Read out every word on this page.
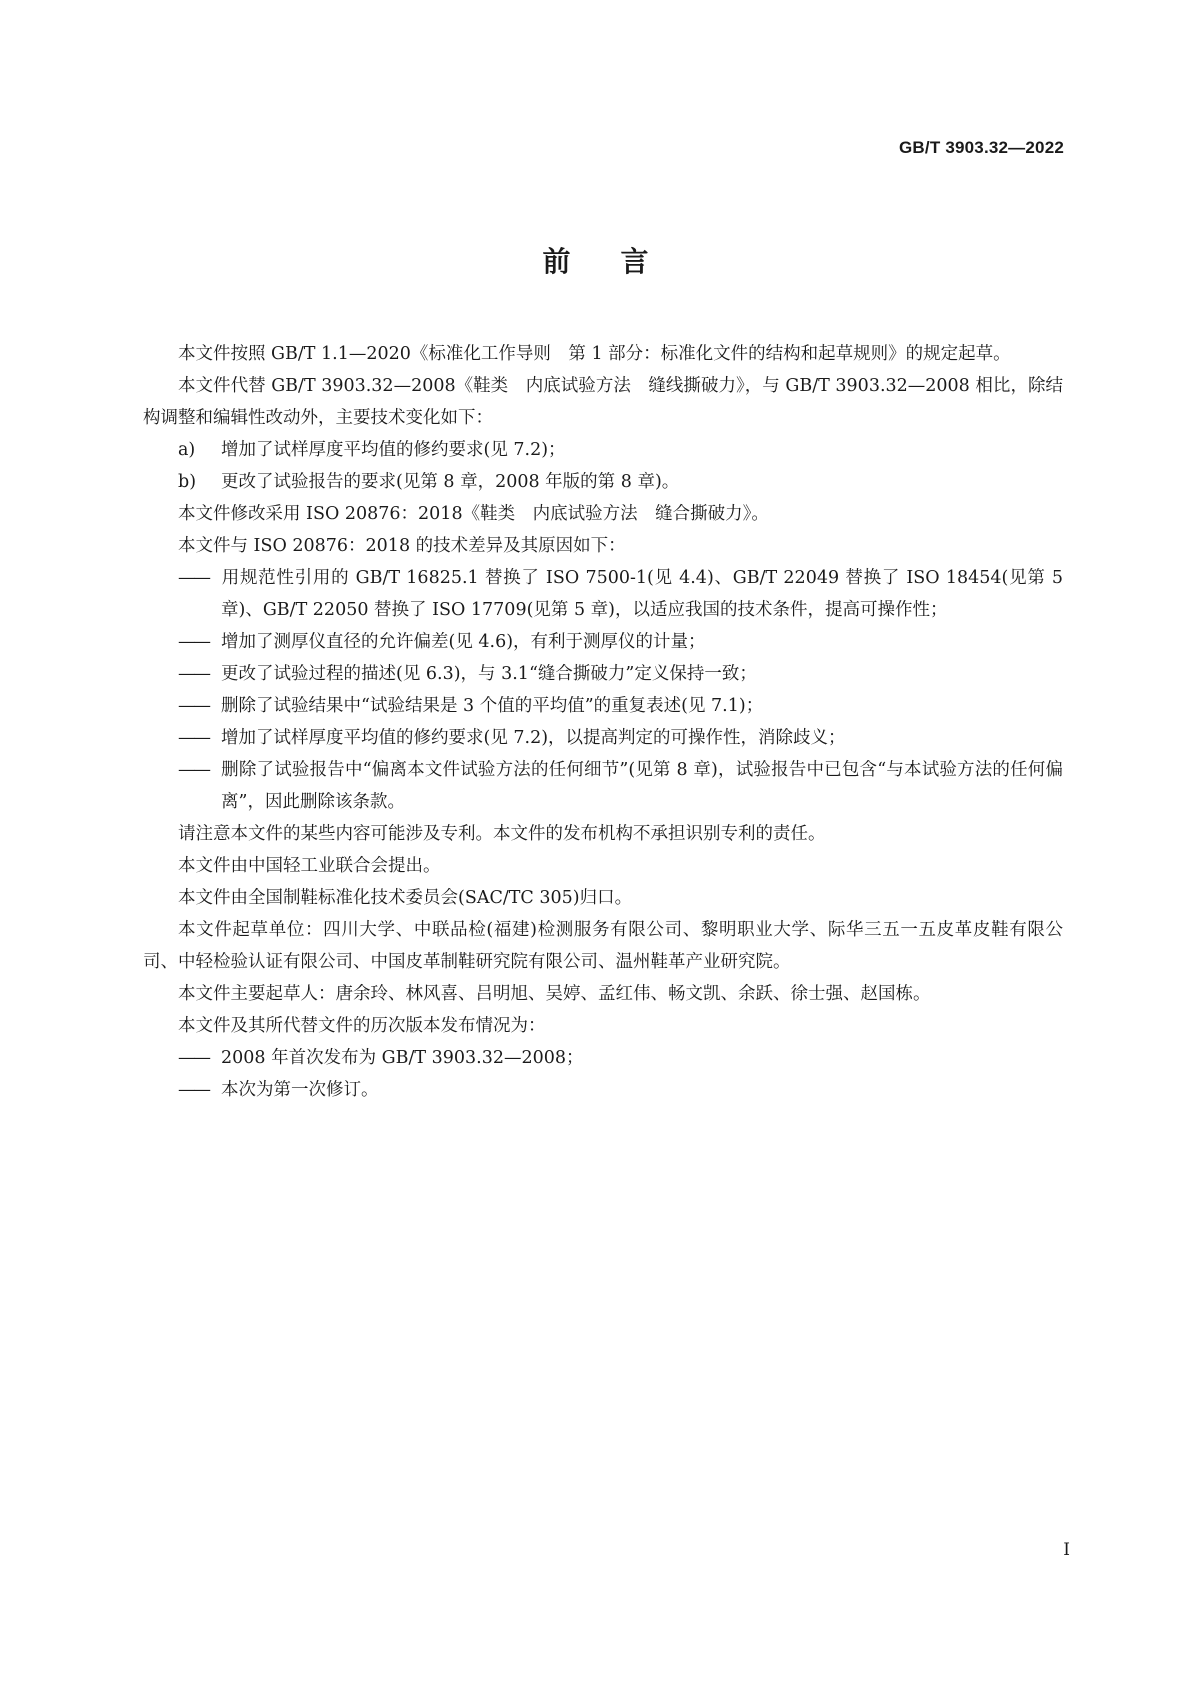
GB/T 3903.32—2022
前言

本文件按照 GB/T 1.1—2020《标准化工作导则　第 1 部分：标准化文件的结构和起草规则》的规定起草。

本文件代替 GB/T 3903.32—2008《鞋类　内底试验方法　缝线撕破力》，与 GB/T 3903.32—2008 相比，除结构调整和编辑性改动外，主要技术变化如下：

a) 增加了试样厚度平均值的修约要求(见 7.2)；

b) 更改了试验报告的要求(见第 8 章，2008 年版的第 8 章)。

本文件修改采用 ISO 20876：2018《鞋类　内底试验方法　缝合撕破力》。

本文件与 ISO 20876：2018 的技术差异及其原因如下：

—— 用规范性引用的 GB/T 16825.1 替换了 ISO 7500-1(见 4.4)、GB/T 22049 替换了 ISO 18454(见第 5 章)、GB/T 22050 替换了 ISO 17709(见第 5 章)，以适应我国的技术条件，提高可操作性；

—— 增加了测厚仪直径的允许偏差(见 4.6)，有利于测厚仪的计量；

—— 更改了试验过程的描述(见 6.3)，与 3.1“缝合撕破力”定义保持一致；

—— 删除了试验结果中“试验结果是 3 个值的平均值”的重复表述(见 7.1)；

—— 增加了试样厚度平均值的修约要求(见 7.2)，以提高判定的可操作性，消除歧义；

—— 删除了试验报告中“偏离本文件试验方法的任何细节”(见第 8 章)，试验报告中已包含“与本试验方法的任何偏离”，因此删除该条款。

请注意本文件的某些内容可能涉及专利。本文件的发布机构不承担识别专利的责任。

本文件由中国轻工业联合会提出。

本文件由全国制鞋标准化技术委员会(SAC/TC 305)归口。

本文件起草单位：四川大学、中联品检(福建)检测服务有限公司、黎明职业大学、际华三五一五皮革皮鞋有限公司、中轻检验认证有限公司、中国皮革制鞋研究院有限公司、温州鞋革产业研究院。

本文件主要起草人：唐余玲、林风喜、吕明旭、吴婷、孟红伟、畅文凯、余跃、徐士强、赵国栋。

本文件及其所代替文件的历次版本发布情况为：

—— 2008 年首次发布为 GB/T 3903.32—2008；

—— 本次为第一次修订。

I
